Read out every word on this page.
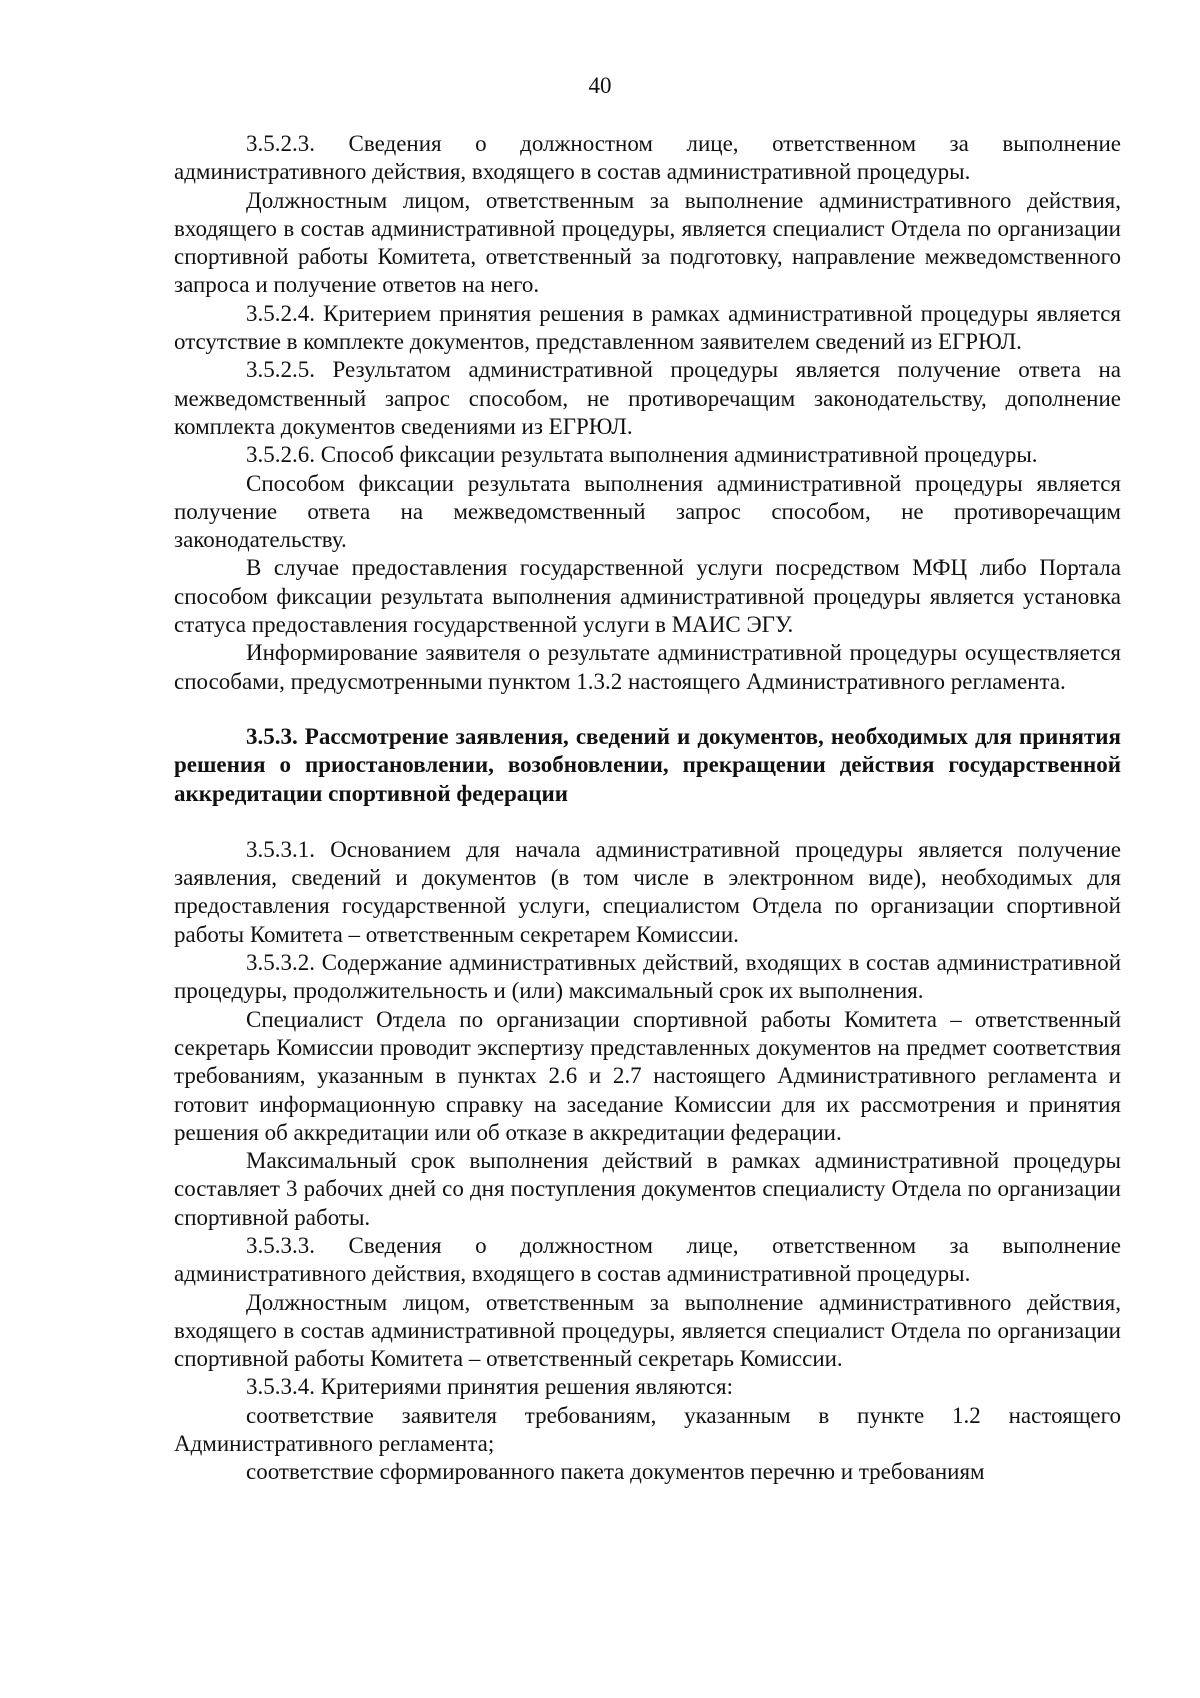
40

3.5.2.3. Сведения о должностном лице, ответственном за выполнение административного действия, входящего в состав административной процедуры.

Должностным лицом, ответственным за выполнение административного действия, входящего в состав административной процедуры, является специалист Отдела по организации спортивной работы Комитета, ответственный за подготовку, направление межведомственного запроса и получение ответов на него.

3.5.2.4. Критерием принятия решения в рамках административной процедуры является отсутствие в комплекте документов, представленном заявителем сведений из ЕГРЮЛ.

3.5.2.5. Результатом административной процедуры является получение ответа на межведомственный запрос способом, не противоречащим законодательству, дополнение комплекта документов сведениями из ЕГРЮЛ.

3.5.2.6. Способ фиксации результата выполнения административной процедуры.

Способом фиксации результата выполнения административной процедуры является получение ответа на межведомственный запрос способом, не противоречащим законодательству.

В случае предоставления государственной услуги посредством МФЦ либо Портала способом фиксации результата выполнения административной процедуры является установка статуса предоставления государственной услуги в МАИС ЭГУ.

Информирование заявителя о результате административной процедуры осуществляется способами, предусмотренными пунктом 1.3.2 настоящего Административного регламента.

3.5.3. Рассмотрение заявления, сведений и документов, необходимых для принятия решения о приостановлении, возобновлении, прекращении действия государственной аккредитации спортивной федерации

3.5.3.1. Основанием для начала административной процедуры является получение заявления, сведений и документов (в том числе в электронном виде), необходимых для предоставления государственной услуги, специалистом Отдела по организации спортивной работы Комитета – ответственным секретарем Комиссии.

3.5.3.2. Содержание административных действий, входящих в состав административной процедуры, продолжительность и (или) максимальный срок их выполнения.

Специалист Отдела по организации спортивной работы Комитета – ответственный секретарь Комиссии проводит экспертизу представленных документов на предмет соответствия требованиям, указанным в пунктах 2.6 и 2.7 настоящего Административного регламента и готовит информационную справку на заседание Комиссии для их рассмотрения и принятия решения об аккредитации или об отказе в аккредитации федерации.

Максимальный срок выполнения действий в рамках административной процедуры составляет 3 рабочих дней со дня поступления документов специалисту Отдела по организации спортивной работы.

3.5.3.3. Сведения о должностном лице, ответственном за выполнение административного действия, входящего в состав административной процедуры.

Должностным лицом, ответственным за выполнение административного действия, входящего в состав административной процедуры, является специалист Отдела по организации спортивной работы Комитета – ответственный секретарь Комиссии.

3.5.3.4. Критериями принятия решения являются:

соответствие заявителя требованиям, указанным в пункте 1.2 настоящего Административного регламента;

соответствие сформированного пакета документов перечню и требованиям
